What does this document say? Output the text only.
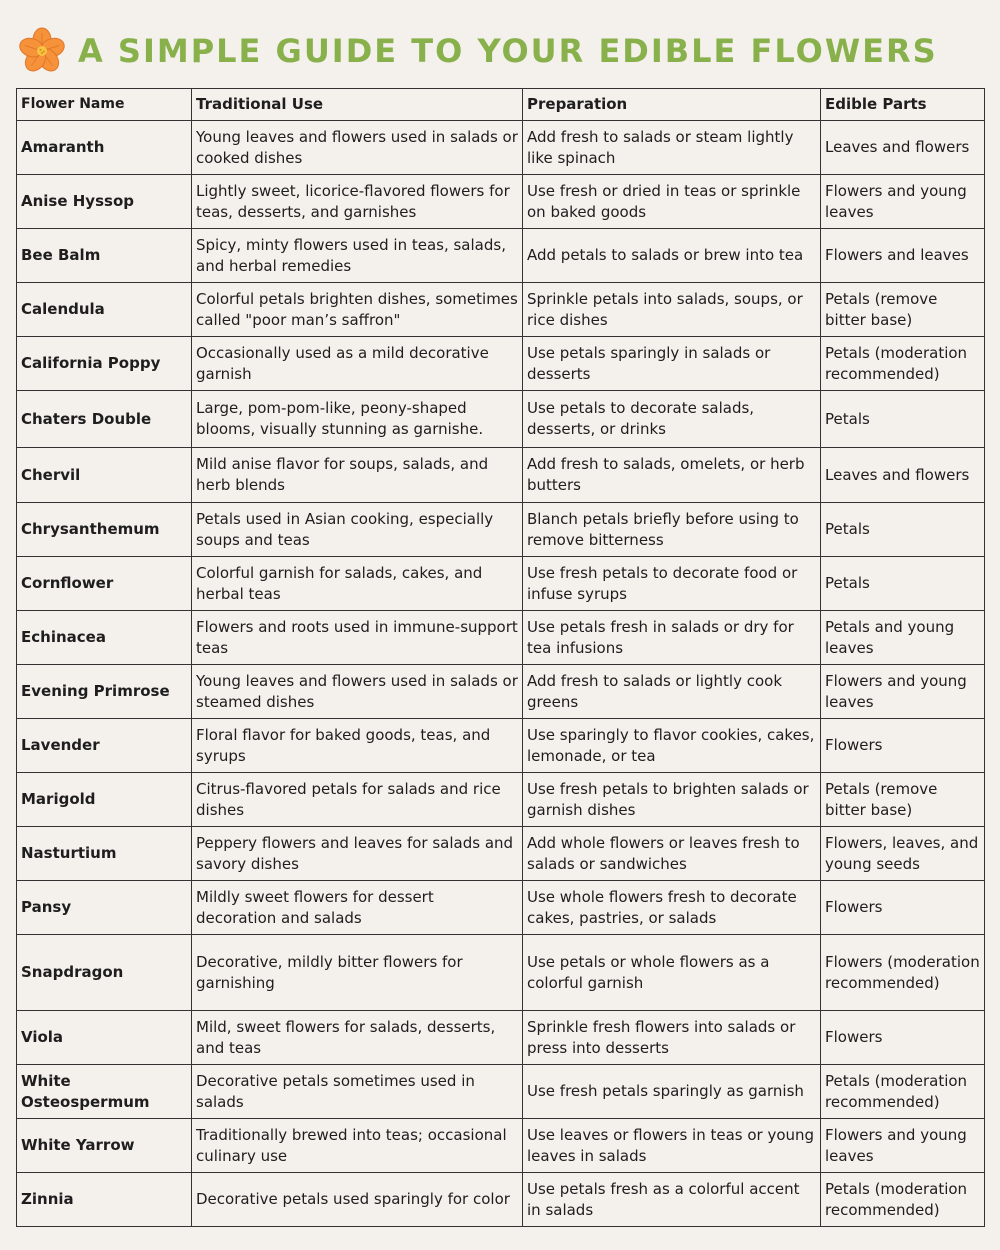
A SIMPLE GUIDE TO YOUR EDIBLE FLOWERS
Flower Name	Traditional Use	Preparation	Edible Parts
Amaranth	Young leaves and flowers used in salads or cooked dishes	Add fresh to salads or steam lightly like spinach	Leaves and flowers
Anise Hyssop	Lightly sweet, licorice-flavored flowers for teas, desserts, and garnishes	Use fresh or dried in teas or sprinkle on baked goods	Flowers and young leaves
Bee Balm	Spicy, minty flowers used in teas, salads, and herbal remedies	Add petals to salads or brew into tea	Flowers and leaves
Calendula	Colorful petals brighten dishes, sometimes called "poor man’s saffron"	Sprinkle petals into salads, soups, or rice dishes	Petals (remove bitter base)
California Poppy	Occasionally used as a mild decorative garnish	Use petals sparingly in salads or desserts	Petals (moderation recommended)
Chaters Double	Large, pom-pom-like, peony-shaped blooms, visually stunning as garnishe.	Use petals to decorate salads, desserts, or drinks	Petals
Chervil	Mild anise flavor for soups, salads, and herb blends	Add fresh to salads, omelets, or herb butters	Leaves and flowers
Chrysanthemum	Petals used in Asian cooking, especially soups and teas	Blanch petals briefly before using to remove bitterness	Petals
Cornflower	Colorful garnish for salads, cakes, and herbal teas	Use fresh petals to decorate food or infuse syrups	Petals
Echinacea	Flowers and roots used in immune-support teas	Use petals fresh in salads or dry for tea infusions	Petals and young leaves
Evening Primrose	Young leaves and flowers used in salads or steamed dishes	Add fresh to salads or lightly cook greens	Flowers and young leaves
Lavender	Floral flavor for baked goods, teas, and syrups	Use sparingly to flavor cookies, cakes, lemonade, or tea	Flowers
Marigold	Citrus-flavored petals for salads and rice dishes	Use fresh petals to brighten salads or garnish dishes	Petals (remove bitter base)
Nasturtium	Peppery flowers and leaves for salads and savory dishes	Add whole flowers or leaves fresh to salads or sandwiches	Flowers, leaves, and young seeds
Pansy	Mildly sweet flowers for dessert decoration and salads	Use whole flowers fresh to decorate cakes, pastries, or salads	Flowers
Snapdragon	Decorative, mildly bitter flowers for garnishing	Use petals or whole flowers as a colorful garnish	Flowers (moderation recommended)
Viola	Mild, sweet flowers for salads, desserts, and teas	Sprinkle fresh flowers into salads or press into desserts	Flowers
White Osteospermum	Decorative petals sometimes used in salads	Use fresh petals sparingly as garnish	Petals (moderation recommended)
White Yarrow	Traditionally brewed into teas; occasional culinary use	Use leaves or flowers in teas or young leaves in salads	Flowers and young leaves
Zinnia	Decorative petals used sparingly for color	Use petals fresh as a colorful accent in salads	Petals (moderation recommended)
